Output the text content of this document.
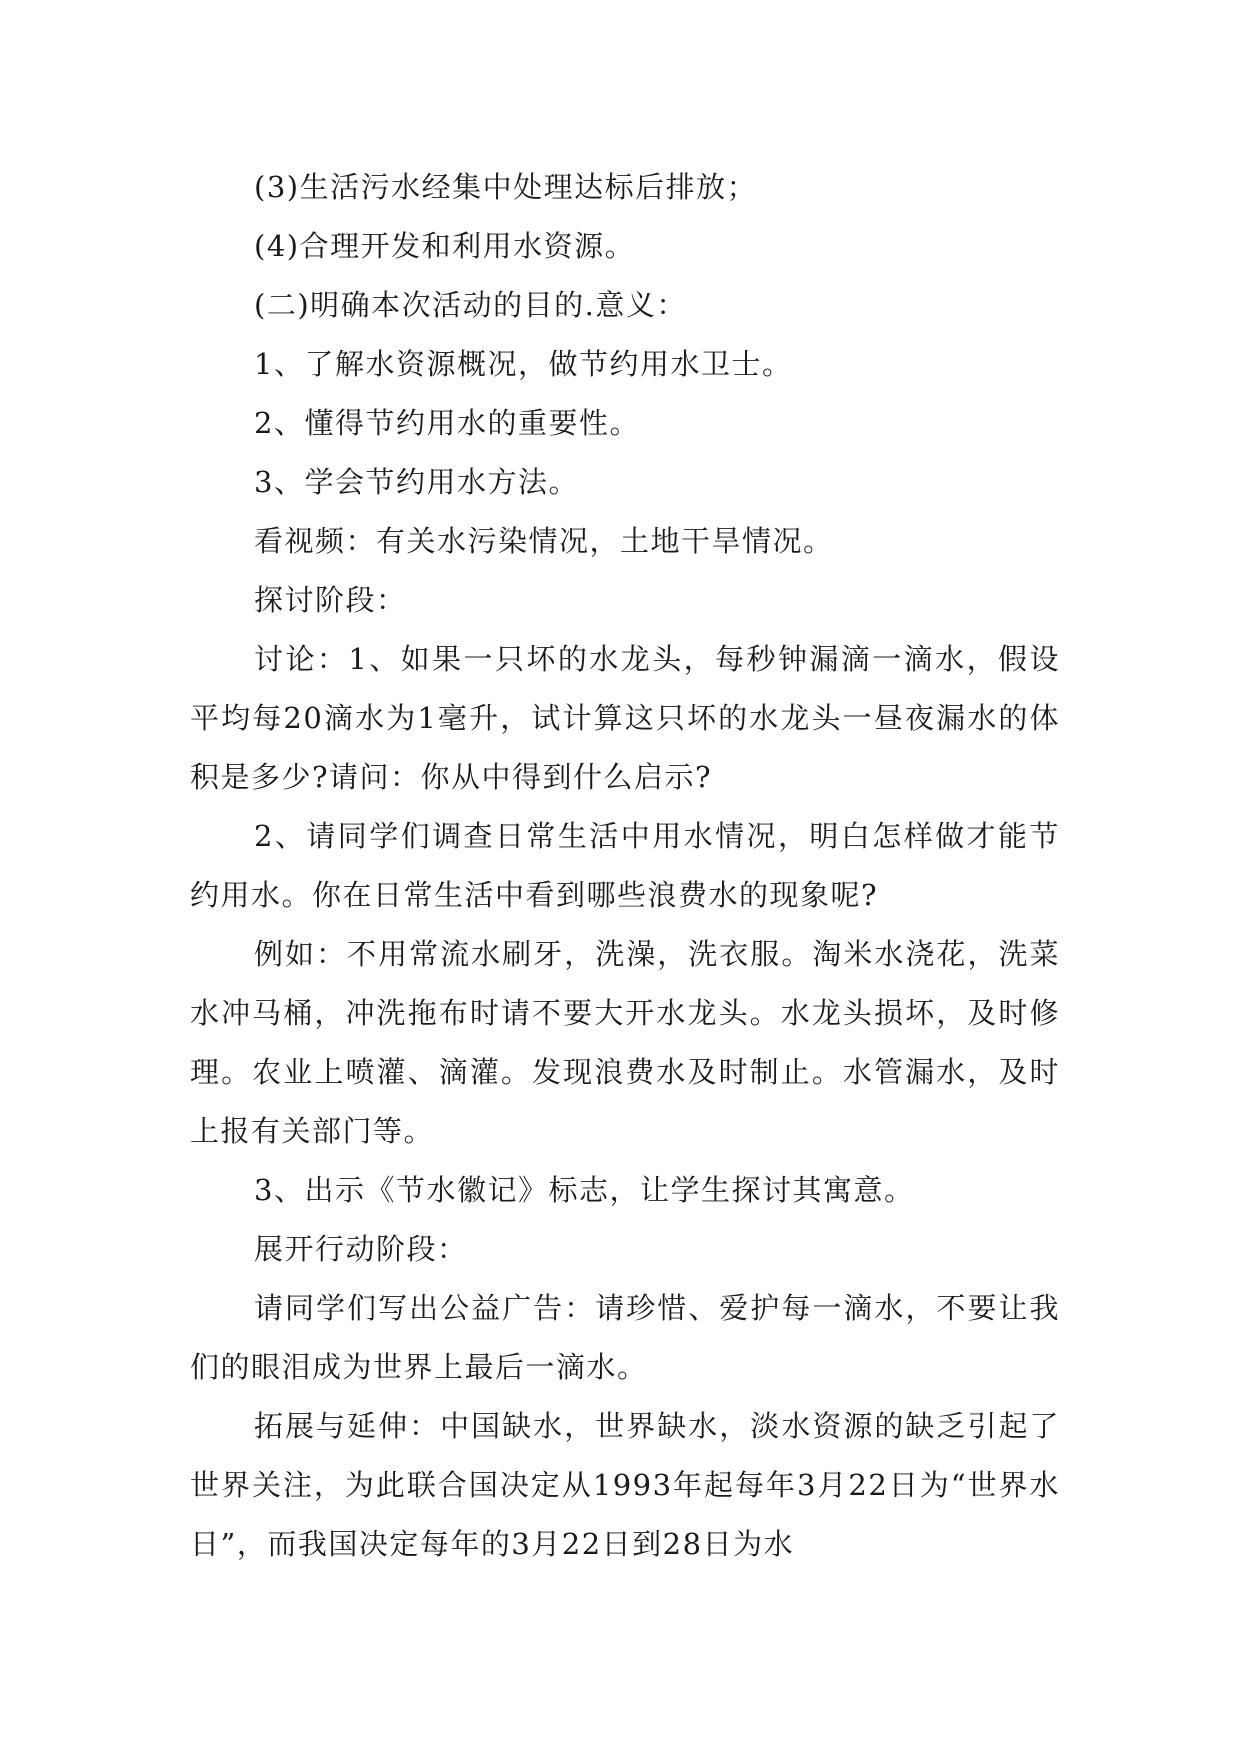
(3)生活污水经集中处理达标后排放；

(4)合理开发和利用水资源。

(二)明确本次活动的目的.意义：

1、了解水资源概况，做节约用水卫士。

2、懂得节约用水的重要性。

3、学会节约用水方法。

看视频：有关水污染情况，土地干旱情况。

探讨阶段：

讨论：1、如果一只坏的水龙头，每秒钟漏滴一滴水，假设平均每20滴水为1毫升，试计算这只坏的水龙头一昼夜漏水的体积是多少?请问：你从中得到什么启示?

2、请同学们调查日常生活中用水情况，明白怎样做才能节约用水。你在日常生活中看到哪些浪费水的现象呢?

例如：不用常流水刷牙，洗澡，洗衣服。淘米水浇花，洗菜水冲马桶，冲洗拖布时请不要大开水龙头。水龙头损坏，及时修理。农业上喷灌、滴灌。发现浪费水及时制止。水管漏水，及时上报有关部门等。

3、出示《节水徽记》标志，让学生探讨其寓意。

展开行动阶段：

请同学们写出公益广告：请珍惜、爱护每一滴水，不要让我们的眼泪成为世界上最后一滴水。

拓展与延伸：中国缺水，世界缺水，淡水资源的缺乏引起了世界关注，为此联合国决定从1993年起每年3月22日为“世界水日”，而我国决定每年的3月22日到28日为水
